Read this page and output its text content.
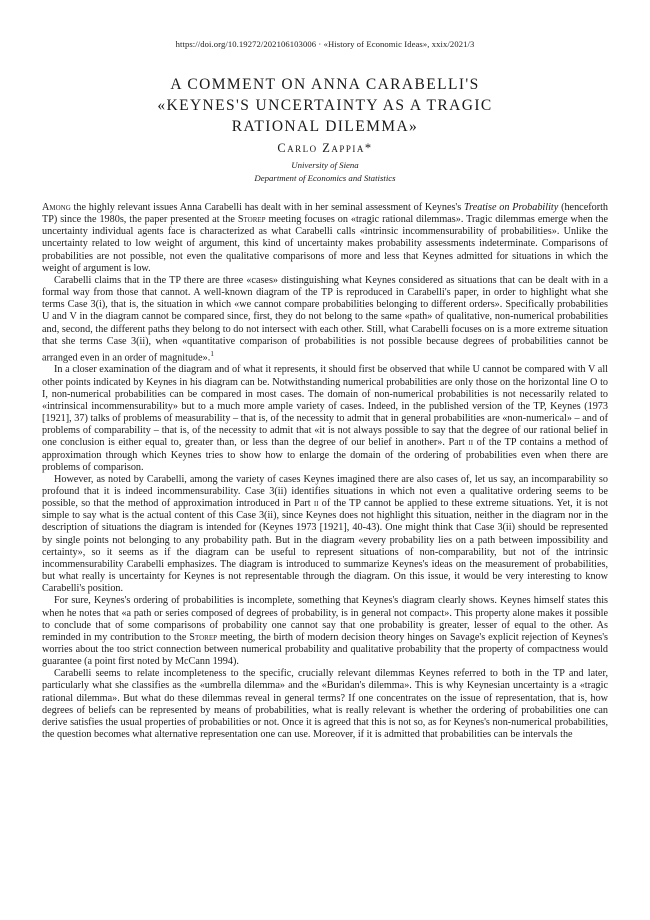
https://doi.org/10.19272/202106103006 · «History of Economic Ideas», xxix/2021/3
A COMMENT ON ANNA CARABELLI'S
«KEYNES'S UNCERTAINTY AS A TRAGIC
RATIONAL DILEMMA»
Carlo Zappia*
University of Siena
Department of Economics and Statistics

Among the highly relevant issues Anna Carabelli has dealt with in her seminal assessment of Keynes's Treatise on Probability (henceforth TP) since the 1980s, the paper presented at the Storep meeting focuses on «tragic rational dilemmas». Tragic dilemmas emerge when the uncertainty individual agents face is characterized as what Carabelli calls «intrinsic incommensurability of probabilities». Unlike the uncertainty related to low weight of argument, this kind of uncertainty makes probability assessments indeterminate. Comparisons of probabilities are not possible, not even the qualitative comparisons of more and less that Keynes admitted for situations in which the weight of argument is low.

Carabelli claims that in the TP there are three «cases» distinguishing what Keynes considered as situations that can be dealt with in a formal way from those that cannot. A well-known diagram of the TP is reproduced in Carabelli's paper, in order to highlight what she terms Case 3(i), that is, the situation in which «we cannot compare probabilities belonging to different orders». Specifically probabilities U and V in the diagram cannot be compared since, first, they do not belong to the same «path» of qualitative, non-numerical probabilities and, second, the different paths they belong to do not intersect with each other. Still, what Carabelli focuses on is a more extreme situation that she terms Case 3(ii), when «quantitative comparison of probabilities is not possible because degrees of probabilities cannot be arranged even in an order of magnitude».$^1$

In a closer examination of the diagram and of what it represents, it should first be observed that while U cannot be compared with V all other points indicated by Keynes in his diagram can be. Notwithstanding numerical probabilities are only those on the horizontal line O to I, non-numerical probabilities can be compared in most cases. The domain of non-numerical probabilities is not necessarily related to «intrinsical incommensurability» but to a much more ample variety of cases. Indeed, in the published version of the TP, Keynes (1973 [1921], 37) talks of problems of measurability – that is, of the necessity to admit that in general probabilities are «non-numerical» – and of problems of comparability – that is, of the necessity to admit that «it is not always possible to say that the degree of our rational belief in one conclusion is either equal to, greater than, or less than the degree of our belief in another». Part ii of the TP contains a method of approximation through which Keynes tries to show how to enlarge the domain of the ordering of probabilities even when there are problems of comparison.

However, as noted by Carabelli, among the variety of cases Keynes imagined there are also cases of, let us say, an incomparability so profound that it is indeed incommensurability. Case 3(ii) identifies situations in which not even a qualitative ordering seems to be possible, so that the method of approximation introduced in Part ii of the TP cannot be applied to these extreme situations. Yet, it is not simple to say what is the actual content of this Case 3(ii), since Keynes does not highlight this situation, neither in the diagram nor in the description of situations the diagram is intended for (Keynes 1973 [1921], 40-43). One might think that Case 3(ii) should be represented by single points not belonging to any probability path. But in the diagram «every probability lies on a path between impossibility and certainty», so it seems as if the diagram can be useful to represent situations of non-comparability, but not of the intrinsic incommensurability Carabelli emphasizes. The diagram is introduced to summarize Keynes's ideas on the measurement of probabilities, but what really is uncertainty for Keynes is not representable through the diagram. On this issue, it would be very interesting to know Carabelli's position.

For sure, Keynes's ordering of probabilities is incomplete, something that Keynes's diagram clearly shows. Keynes himself states this when he notes that «a path or series composed of degrees of probability, is in general not compact». This property alone makes it possible to conclude that of some comparisons of probability one cannot say that one probability is greater, lesser of equal to the other. As reminded in my contribution to the Storep meeting, the birth of modern decision theory hinges on Savage's explicit rejection of Keynes's worries about the too strict connection between numerical probability and qualitative probability that the property of compactness would guarantee (a point first noted by McCann 1994).

Carabelli seems to relate incompleteness to the specific, crucially relevant dilemmas Keynes referred to both in the TP and later, particularly what she classifies as the «umbrella dilemma» and the «Buridan's dilemma». This is why Keynesian uncertainty is a «tragic rational dilemma». But what do these dilemmas reveal in general terms? If one concentrates on the issue of representation, that is, how degrees of beliefs can be represented by means of probabilities, what is really relevant is whether the ordering of probabilities one can derive satisfies the usual properties of probabilities or not. Once it is agreed that this is not so, as for Keynes's non-numerical probabilities, the question becomes what alternative representation one can use. Moreover, if it is admitted that probabilities can be intervals the
